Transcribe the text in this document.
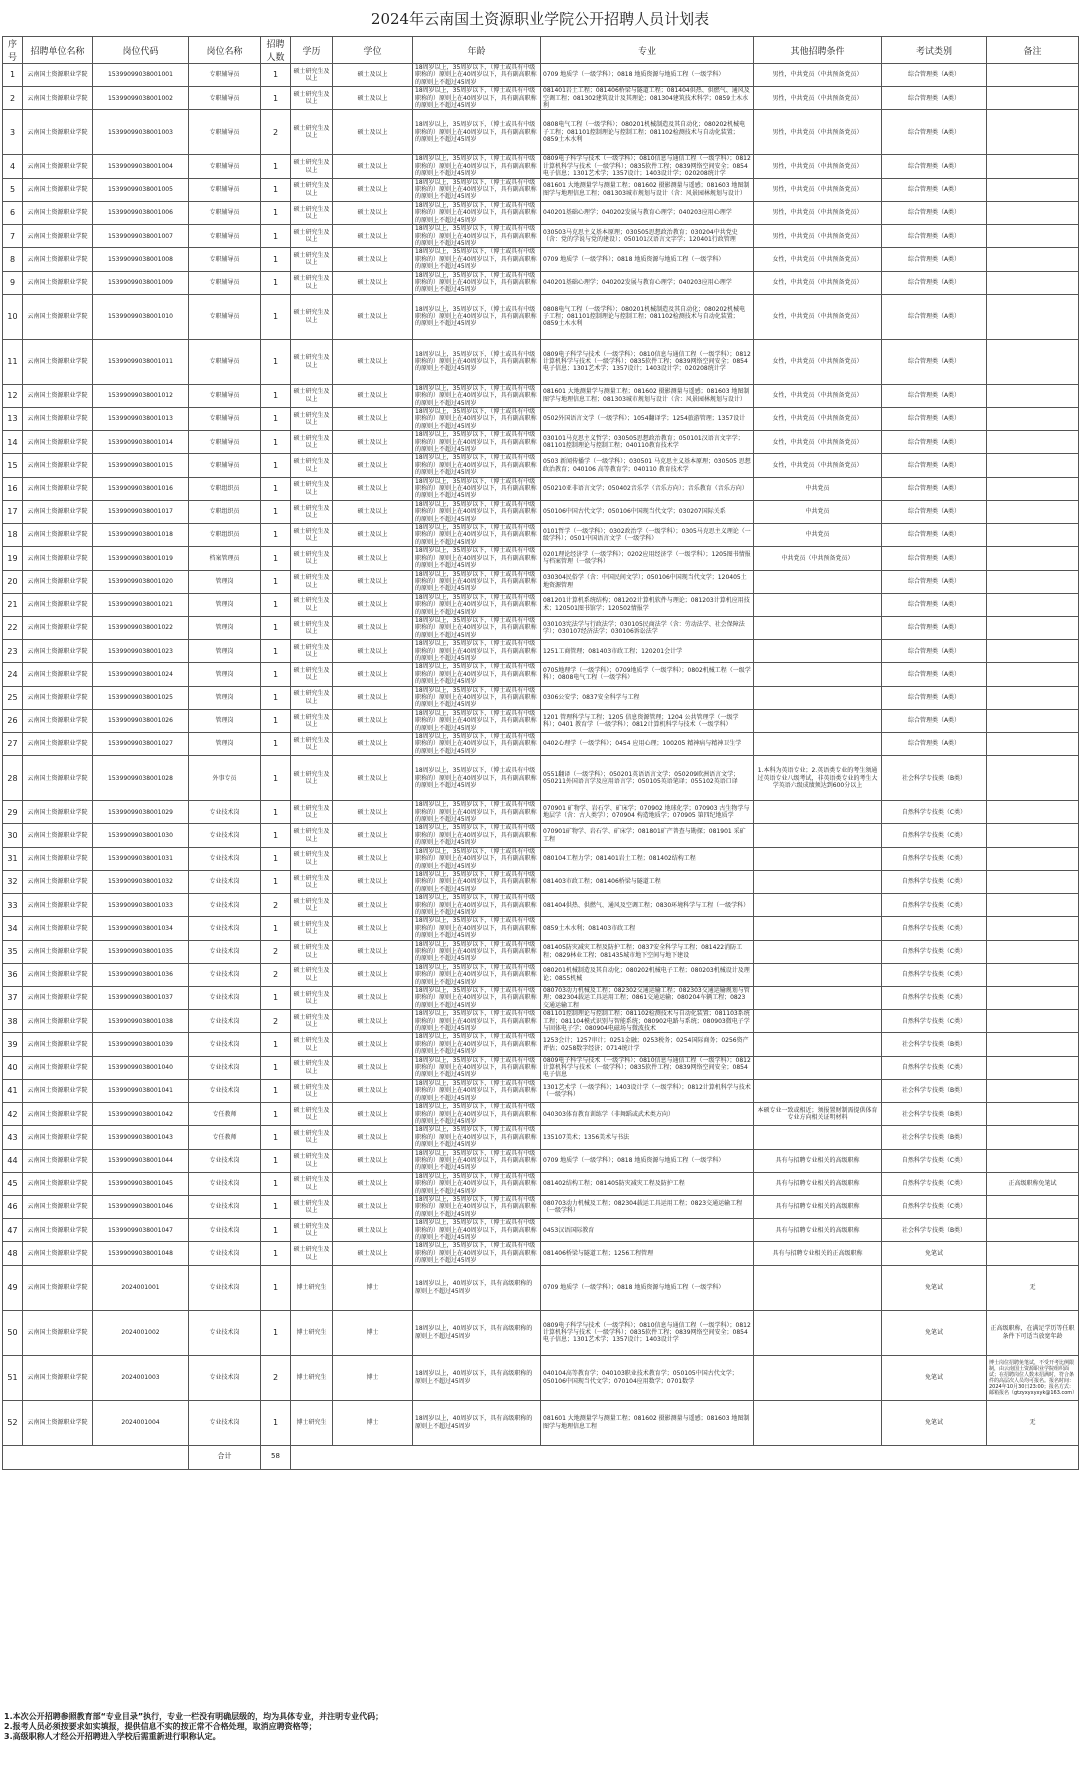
2024年云南国土资源职业学院公开招聘人员计划表
序号	招聘单位名称	岗位代码	岗位名称	招聘人数	学历	学位	年龄	专业	其他招聘条件	考试类别	备注
1	云南国土资源职业学院	15399099038001001	专职辅导员	1	硕士研究生及以上	硕士及以上	18周岁以上，35周岁以下，（博士或具有中级职称的）原则上在40周岁以下，具有副高职称的原则上不超过45周岁	0709 地质学（一级学科）；0818 地质资源与地质工程（一级学科）	男性，中共党员（中共预备党员）	综合管理类（A类）	
2	云南国土资源职业学院	15399099038001002	专职辅导员	1	硕士研究生及以上	硕士及以上	18周岁以上，35周岁以下，（博士或具有中级职称的）原则上在40周岁以下，具有副高职称的原则上不超过45周岁	081401岩土工程；081406桥梁与隧道工程；081404供热、供燃气、通风及空调工程；081302建筑设计及其理论；081304建筑技术科学；0859土木水利	男性，中共党员（中共预备党员）	综合管理类（A类）	
3	云南国土资源职业学院	15399099038001003	专职辅导员	2	硕士研究生及以上	硕士及以上	18周岁以上，35周岁以下，（博士或具有中级职称的）原则上在40周岁以下，具有副高职称的原则上不超过45周岁	0808电气工程（一级学科）；080201机械制造及其自动化；080202机械电子工程；081101控制理论与控制工程；081102检测技术与自动化装置；0859土木水利	男性，中共党员（中共预备党员）	综合管理类（A类）	
4	云南国土资源职业学院	15399099038001004	专职辅导员	1	硕士研究生及以上	硕士及以上	18周岁以上，35周岁以下，（博士或具有中级职称的）原则上在40周岁以下，具有副高职称的原则上不超过45周岁	0809电子科学与技术（一级学科）；0810信息与通信工程（一级学科）；0812计算机科学与技术（一级学科）；0835软件工程；0839网络空间安全；0854电子信息；1301艺术学；1357设计；1403设计学；020208统计学	男性，中共党员（中共预备党员）	综合管理类（A类）	
5	云南国土资源职业学院	15399099038001005	专职辅导员	1	硕士研究生及以上	硕士及以上	18周岁以上，35周岁以下，（博士或具有中级职称的）原则上在40周岁以下，具有副高职称的原则上不超过45周岁	081601 大地测量学与测量工程；081602 摄影测量与遥感；081603 地图制图学与地理信息工程；081303城市规划与设计（含：风景园林规划与设计）	男性，中共党员（中共预备党员）	综合管理类（A类）	
6	云南国土资源职业学院	15399099038001006	专职辅导员	1	硕士研究生及以上	硕士及以上	18周岁以上，35周岁以下，（博士或具有中级职称的）原则上在40周岁以下，具有副高职称的原则上不超过45周岁	040201基础心理学；040202发展与教育心理学；040203应用心理学	男性，中共党员（中共预备党员）	综合管理类（A类）	
7	云南国土资源职业学院	15399099038001007	专职辅导员	1	硕士研究生及以上	硕士及以上	18周岁以上，35周岁以下，（博士或具有中级职称的）原则上在40周岁以下，具有副高职称的原则上不超过45周岁	030503马克思主义基本原理；030505思想政治教育；030204中共党史（含：党的学说与党的建设）；050101汉语言文字学；120401行政管理	男性，中共党员（中共预备党员）	综合管理类（A类）	
8	云南国土资源职业学院	15399099038001008	专职辅导员	1	硕士研究生及以上	硕士及以上	18周岁以上，35周岁以下，（博士或具有中级职称的）原则上在40周岁以下，具有副高职称的原则上不超过45周岁	0709 地质学（一级学科）；0818 地质资源与地质工程（一级学科）	女性，中共党员（中共预备党员）	综合管理类（A类）	
9	云南国土资源职业学院	15399099038001009	专职辅导员	1	硕士研究生及以上	硕士及以上	18周岁以上，35周岁以下，（博士或具有中级职称的）原则上在40周岁以下，具有副高职称的原则上不超过45周岁	040201基础心理学；040202发展与教育心理学；040203应用心理学	女性，中共党员（中共预备党员）	综合管理类（A类）	
10	云南国土资源职业学院	15399099038001010	专职辅导员	1	硕士研究生及以上	硕士及以上	18周岁以上，35周岁以下，（博士或具有中级职称的）原则上在40周岁以下，具有副高职称的原则上不超过45周岁	0808电气工程（一级学科）；080201机械制造及其自动化；080202机械电子工程；081101控制理论与控制工程；081102检测技术与自动化装置；0859土木水利	女性，中共党员（中共预备党员）	综合管理类（A类）	
11	云南国土资源职业学院	15399099038001011	专职辅导员	1	硕士研究生及以上	硕士及以上	18周岁以上，35周岁以下，（博士或具有中级职称的）原则上在40周岁以下，具有副高职称的原则上不超过45周岁	0809电子科学与技术（一级学科）；0810信息与通信工程（一级学科）；0812计算机科学与技术（一级学科）；0835软件工程；0839网络空间安全；0854电子信息；1301艺术学；1357设计；1403设计学；020208统计学	女性，中共党员（中共预备党员）	综合管理类（A类）	
12	云南国土资源职业学院	15399099038001012	专职辅导员	1	硕士研究生及以上	硕士及以上	18周岁以上，35周岁以下，（博士或具有中级职称的）原则上在40周岁以下，具有副高职称的原则上不超过45周岁	081601 大地测量学与测量工程；081602 摄影测量与遥感；081603 地图制图学与地理信息工程；081303城市规划与设计（含：风景园林规划与设计）	女性，中共党员（中共预备党员）	综合管理类（A类）	
13	云南国土资源职业学院	15399099038001013	专职辅导员	1	硕士研究生及以上	硕士及以上	18周岁以上，35周岁以下，（博士或具有中级职称的）原则上在40周岁以下，具有副高职称的原则上不超过45周岁	0502外国语言文学（一级学科）；1054翻译学；1254旅游管理；1357设计	女性，中共党员（中共预备党员）	综合管理类（A类）	
14	云南国土资源职业学院	15399099038001014	专职辅导员	1	硕士研究生及以上	硕士及以上	18周岁以上，35周岁以下，（博士或具有中级职称的）原则上在40周岁以下，具有副高职称的原则上不超过45周岁	030101马克思主义哲学；030505思想政治教育；050101汉语言文字学；081101控制理论与控制工程；040110教育技术学	女性，中共党员（中共预备党员）	综合管理类（A类）	
15	云南国土资源职业学院	15399099038001015	专职辅导员	1	硕士研究生及以上	硕士及以上	18周岁以上，35周岁以下，（博士或具有中级职称的）原则上在40周岁以下，具有副高职称的原则上不超过45周岁	0503 新闻传播学（一级学科）；030501 马克思主义基本原理；030505 思想政治教育；040106 高等教育学；040110 教育技术学	女性，中共党员（中共预备党员）	综合管理类（A类）	
16	云南国土资源职业学院	15399099038001016	专职组织员	1	硕士研究生及以上	硕士及以上	18周岁以上，35周岁以下，（博士或具有中级职称的）原则上在40周岁以下，具有副高职称的原则上不超过45周岁	050210亚非语言文学；050402音乐学（音乐方向）；音乐教育（音乐方向）	中共党员	综合管理类（A类）	
17	云南国土资源职业学院	15399099038001017	专职组织员	1	硕士研究生及以上	硕士及以上	18周岁以上，35周岁以下，（博士或具有中级职称的）原则上在40周岁以下，具有副高职称的原则上不超过45周岁	050106中国古代文学；050106中国现当代文学；030207国际关系	中共党员	综合管理类（A类）	
18	云南国土资源职业学院	15399099038001018	专职组织员	1	硕士研究生及以上	硕士及以上	18周岁以上，35周岁以下，（博士或具有中级职称的）原则上在40周岁以下，具有副高职称的原则上不超过45周岁	0101哲学（一级学科）；0302政治学（一级学科）；0305马克思主义理论（一级学科）；0501中国语言文学（一级学科）	中共党员	综合管理类（A类）	
19	云南国土资源职业学院	15399099038001019	档案管理员	1	硕士研究生及以上	硕士及以上	18周岁以上，35周岁以下，（博士或具有中级职称的）原则上在40周岁以下，具有副高职称的原则上不超过45周岁	0201理论经济学（一级学科）；0202应用经济学（一级学科）；1205图书情报与档案管理（一级学科）	中共党员（中共预备党员）	综合管理类（A类）	
20	云南国土资源职业学院	15399099038001020	管理岗	1	硕士研究生及以上	硕士及以上	18周岁以上，35周岁以下，（博士或具有中级职称的）原则上在40周岁以下，具有副高职称的原则上不超过45周岁	030304民俗学（含：中国民间文学）；050106中国现当代文学；120405土地资源管理		综合管理类（A类）	
21	云南国土资源职业学院	15399099038001021	管理岗	1	硕士研究生及以上	硕士及以上	18周岁以上，35周岁以下，（博士或具有中级职称的）原则上在40周岁以下，具有副高职称的原则上不超过45周岁	081201计算机系统结构；081202计算机软件与理论；081203计算机应用技术；120501图书馆学；120502情报学		综合管理类（A类）	
22	云南国土资源职业学院	15399099038001022	管理岗	1	硕士研究生及以上	硕士及以上	18周岁以上，35周岁以下，（博士或具有中级职称的）原则上在40周岁以下，具有副高职称的原则上不超过45周岁	030103宪法学与行政法学；030105民商法学（含：劳动法学、社会保障法学）；030107经济法学；030106诉讼法学		综合管理类（A类）	
23	云南国土资源职业学院	15399099038001023	管理岗	1	硕士研究生及以上	硕士及以上	18周岁以上，35周岁以下，（博士或具有中级职称的）原则上在40周岁以下，具有副高职称的原则上不超过45周岁	1251工商管理；081403市政工程；120201会计学		综合管理类（A类）	
24	云南国土资源职业学院	15399099038001024	管理岗	1	硕士研究生及以上	硕士及以上	18周岁以上，35周岁以下，（博士或具有中级职称的）原则上在40周岁以下，具有副高职称的原则上不超过45周岁	0705地理学（一级学科）；0709地质学（一级学科）；0802机械工程（一级学科）；0808电气工程（一级学科）		综合管理类（A类）	
25	云南国土资源职业学院	15399099038001025	管理岗	1	硕士研究生及以上	硕士及以上	18周岁以上，35周岁以下，（博士或具有中级职称的）原则上在40周岁以下，具有副高职称的原则上不超过45周岁	0306公安学；0837安全科学与工程		综合管理类（A类）	
26	云南国土资源职业学院	15399099038001026	管理岗	1	硕士研究生及以上	硕士及以上	18周岁以上，35周岁以下，（博士或具有中级职称的）原则上在40周岁以下，具有副高职称的原则上不超过45周岁	1201 管理科学与工程；1205 信息资源管理；1204 公共管理学（一级学科）；0401 教育学（一级学科）；0812计算机科学与技术（一级学科）		综合管理类（A类）	
27	云南国土资源职业学院	15399099038001027	管理岗	1	硕士研究生及以上	硕士及以上	18周岁以上，35周岁以下，（博士或具有中级职称的）原则上在40周岁以下，具有副高职称的原则上不超过45周岁	0402心理学（一级学科）；0454 应用心理；100205 精神病与精神卫生学		综合管理类（A类）	
28	云南国土资源职业学院	15399099038001028	外事专员	1	硕士研究生及以上	硕士及以上	18周岁以上，35周岁以下，（博士或具有中级职称的）原则上在40周岁以下，具有副高职称的原则上不超过45周岁	0551翻译（一级学科）；050201英语语言文学；050209欧洲语言文学；050211外国语言学及应用语言学；050105英语笔译；055102英语口译	1.本科为英语专业；2.英语类专业的考生须通过英语专业八级考试，非英语类专业的考生大学英语六级成绩须达到600分以上	社会科学专技类（B类）	
29	云南国土资源职业学院	15399099038001029	专业技术岗	1	硕士研究生及以上	硕士及以上	18周岁以上，35周岁以下，（博士或具有中级职称的）原则上在40周岁以下，具有副高职称的原则上不超过45周岁	070901 矿物学、岩石学、矿床学；070902 地球化学；070903 古生物学与地层学（含：古人类学）；070904 构造地质学；070905 第四纪地质学		自然科学专技类（C类）	
30	云南国土资源职业学院	15399099038001030	专业技术岗	1	硕士研究生及以上	硕士及以上	18周岁以上，35周岁以下，（博士或具有中级职称的）原则上在40周岁以下，具有副高职称的原则上不超过45周岁	070901矿物学、岩石学、矿床学；081801矿产普查与勘探；081901 采矿工程		自然科学专技类（C类）	
31	云南国土资源职业学院	15399099038001031	专业技术岗	1	硕士研究生及以上	硕士及以上	18周岁以上，35周岁以下，（博士或具有中级职称的）原则上在40周岁以下，具有副高职称的原则上不超过45周岁	080104工程力学；081401岩土工程；081402结构工程		自然科学专技类（C类）	
32	云南国土资源职业学院	15399099038001032	专业技术岗	1	硕士研究生及以上	硕士及以上	18周岁以上，35周岁以下，（博士或具有中级职称的）原则上在40周岁以下，具有副高职称的原则上不超过45周岁	081403市政工程；081406桥梁与隧道工程		自然科学专技类（C类）	
33	云南国土资源职业学院	15399099038001033	专业技术岗	2	硕士研究生及以上	硕士及以上	18周岁以上，35周岁以下，（博士或具有中级职称的）原则上在40周岁以下，具有副高职称的原则上不超过45周岁	081404供热、供燃气、通风及空调工程；0830环境科学与工程（一级学科）		自然科学专技类（C类）	
34	云南国土资源职业学院	15399099038001034	专业技术岗	1	硕士研究生及以上	硕士及以上	18周岁以上，35周岁以下，（博士或具有中级职称的）原则上在40周岁以下，具有副高职称的原则上不超过45周岁	0859土木水利；081403市政工程		自然科学专技类（C类）	
35	云南国土资源职业学院	15399099038001035	专业技术岗	2	硕士研究生及以上	硕士及以上	18周岁以上，35周岁以下，（博士或具有中级职称的）原则上在40周岁以下，具有副高职称的原则上不超过45周岁	081405防灾减灾工程及防护工程；0837安全科学与工程；081422消防工程；0829林业工程；081435城市地下空间与地下建设		自然科学专技类（C类）	
36	云南国土资源职业学院	15399099038001036	专业技术岗	2	硕士研究生及以上	硕士及以上	18周岁以上，35周岁以下，（博士或具有中级职称的）原则上在40周岁以下，具有副高职称的原则上不超过45周岁	080201机械制造及其自动化；080202机械电子工程；080203机械设计及理论；0855机械		自然科学专技类（C类）	
37	云南国土资源职业学院	15399099038001037	专业技术岗	1	硕士研究生及以上	硕士及以上	18周岁以上，35周岁以下，（博士或具有中级职称的）原则上在40周岁以下，具有副高职称的原则上不超过45周岁	080703动力机械及工程；082302交通运输工程；082303交通运输规划与管理；082304载运工具运用工程；0861交通运输；080204车辆工程；0823交通运输工程		自然科学专技类（C类）	
38	云南国土资源职业学院	15399099038001038	专业技术岗	2	硕士研究生及以上	硕士及以上	18周岁以上，35周岁以下，（博士或具有中级职称的）原则上在40周岁以下，具有副高职称的原则上不超过45周岁	081101控制理论与控制工程；081102检测技术与自动化装置；081103系统工程；081104模式识别与智能系统；080902电路与系统；080903微电子学与固体电子学；080904电磁场与微波技术		自然科学专技类（C类）	
39	云南国土资源职业学院	15399099038001039	专业技术岗	1	硕士研究生及以上	硕士及以上	18周岁以上，35周岁以下，（博士或具有中级职称的）原则上在40周岁以下，具有副高职称的原则上不超过45周岁	1253会计；1257审计；0251金融；0253税务；0254国际商务；0256资产评估；0258数字经济；0714统计学		社会科学专技类（B类）	
40	云南国土资源职业学院	15399099038001040	专业技术岗	1	硕士研究生及以上	硕士及以上	18周岁以上，35周岁以下，（博士或具有中级职称的）原则上在40周岁以下，具有副高职称的原则上不超过45周岁	0809电子科学与技术（一级学科）；0810信息与通信工程（一级学科）；0812计算机科学与技术（一级学科）；0835软件工程；0839网络空间安全；0854电子信息		自然科学专技类（C类）	
41	云南国土资源职业学院	15399099038001041	专业技术岗	1	硕士研究生及以上	硕士及以上	18周岁以上，35周岁以下，（博士或具有中级职称的）原则上在40周岁以下，具有副高职称的原则上不超过45周岁	1301艺术学（一级学科）；1403设计学（一级学科）；0812计算机科学与技术（一级学科）		社会科学专技类（B类）	
42	云南国土资源职业学院	15399099038001042	专任教师	1	硕士研究生及以上	硕士及以上	18周岁以上，35周岁以下，（博士或具有中级职称的）原则上在40周岁以下，具有副高职称的原则上不超过45周岁	040303体育教育训练学（非舞蹈或武术类方向）	本硕专业一致或相近；须报置财制需提供体育专业方向相关证明材料	社会科学专技类（B类）	
43	云南国土资源职业学院	15399099038001043	专任教师	1	硕士研究生及以上	硕士及以上	18周岁以上，35周岁以下，（博士或具有中级职称的）原则上在40周岁以下，具有副高职称的原则上不超过45周岁	135107美术；1356美术与书法		社会科学专技类（B类）	
44	云南国土资源职业学院	15399099038001044	专业技术岗	1	硕士研究生及以上	硕士及以上	18周岁以上，35周岁以下，（博士或具有中级职称的）原则上在40周岁以下，具有副高职称的原则上不超过45周岁	0709 地质学（一级学科）；0818 地质资源与地质工程（一级学科）	具有与招聘专业相关的高级职称	自然科学专技类（C类）	
45	云南国土资源职业学院	15399099038001045	专业技术岗	1	硕士研究生及以上	硕士及以上	18周岁以上，35周岁以下，（博士或具有中级职称的）原则上在40周岁以下，具有副高职称的原则上不超过45周岁	081402结构工程；081405防灾减灾工程及防护工程	具有与招聘专业相关的高级职称	自然科学专技类（C类）	正高级职称免笔试
46	云南国土资源职业学院	15399099038001046	专业技术岗	1	硕士研究生及以上	硕士及以上	18周岁以上，35周岁以下，（博士或具有中级职称的）原则上在40周岁以下，具有副高职称的原则上不超过45周岁	080703动力机械及工程；082304载运工具运用工程；0823交通运输工程（一级学科）	具有与招聘专业相关的高级职称	自然科学专技类（C类）	
47	云南国土资源职业学院	15399099038001047	专业技术岗	1	硕士研究生及以上	硕士及以上	18周岁以上，35周岁以下，（博士或具有中级职称的）原则上在40周岁以下，具有副高职称的原则上不超过45周岁	0453汉语国际教育	具有与招聘专业相关的高级职称	社会科学专技类（B类）	
48	云南国土资源职业学院	15399099038001048	专业技术岗	1	硕士研究生及以上	硕士及以上	18周岁以上，35周岁以下，（博士或具有中级职称的）原则上在40周岁以下，具有副高职称的原则上不超过45周岁	081406桥梁与隧道工程；1256工程管理	具有与招聘专业相关的正高级职称	免笔试	
49	云南国土资源职业学院	2024001001	专业技术岗	1	博士研究生	博士	18周岁以上，40周岁以下，具有高级职称的原则上不超过45周岁	0709 地质学（一级学科）；0818 地质资源与地质工程（一级学科）		免笔试	无
50	云南国土资源职业学院	2024001002	专业技术岗	1	博士研究生	博士	18周岁以上，40周岁以下，具有高级职称的原则上不超过45周岁	0809电子科学与技术（一级学科）；0810信息与通信工程（一级学科）；0812计算机科学与技术（一级学科）；0835软件工程；0839网络空间安全；0854电子信息；1301艺术学；1357设计；1403设计学		免笔试	正高级职称，在满足学历等任职条件下可适当放宽年龄
51	云南国土资源职业学院	2024001003	专业技术岗	2	博士研究生	博士	18周岁以上，40周岁以下，具有高级职称的原则上不超过45周岁	040104高等教育学；040103职业技术教育学；050105中国古代文学；050106中国现当代文学；070104应用数学；0701数学		免笔试	博士岗位招聘免笔试，不受开考比例限制，由云南国土资源职业学院组织面试；在招聘岗位人数未招满时，符合条件的高层次人员均可报名。报名时间：2024年10月30日23:00；报名方式：邮箱报名（gtzyxyxyxyk@163.com）

52	云南国土资源职业学院	2024001004	专业技术岗	1	博士研究生	博士	18周岁以上，40周岁以下，具有高级职称的原则上不超过45周岁	081601 大地测量学与测量工程；081602 摄影测量与遥感；081603 地图制图学与地理信息工程		免笔试	无
			合计	58							
1.本次公开招聘参照教育部“专业目录”执行，专业一栏没有明确层级的，均为具体专业，并注明专业代码；
2.报考人员必须按要求如实填报，提供信息不实的按正常不合格处理，取消应聘资格等；
3.高级职称人才经公开招聘进入学校后需重新进行职称认定。
